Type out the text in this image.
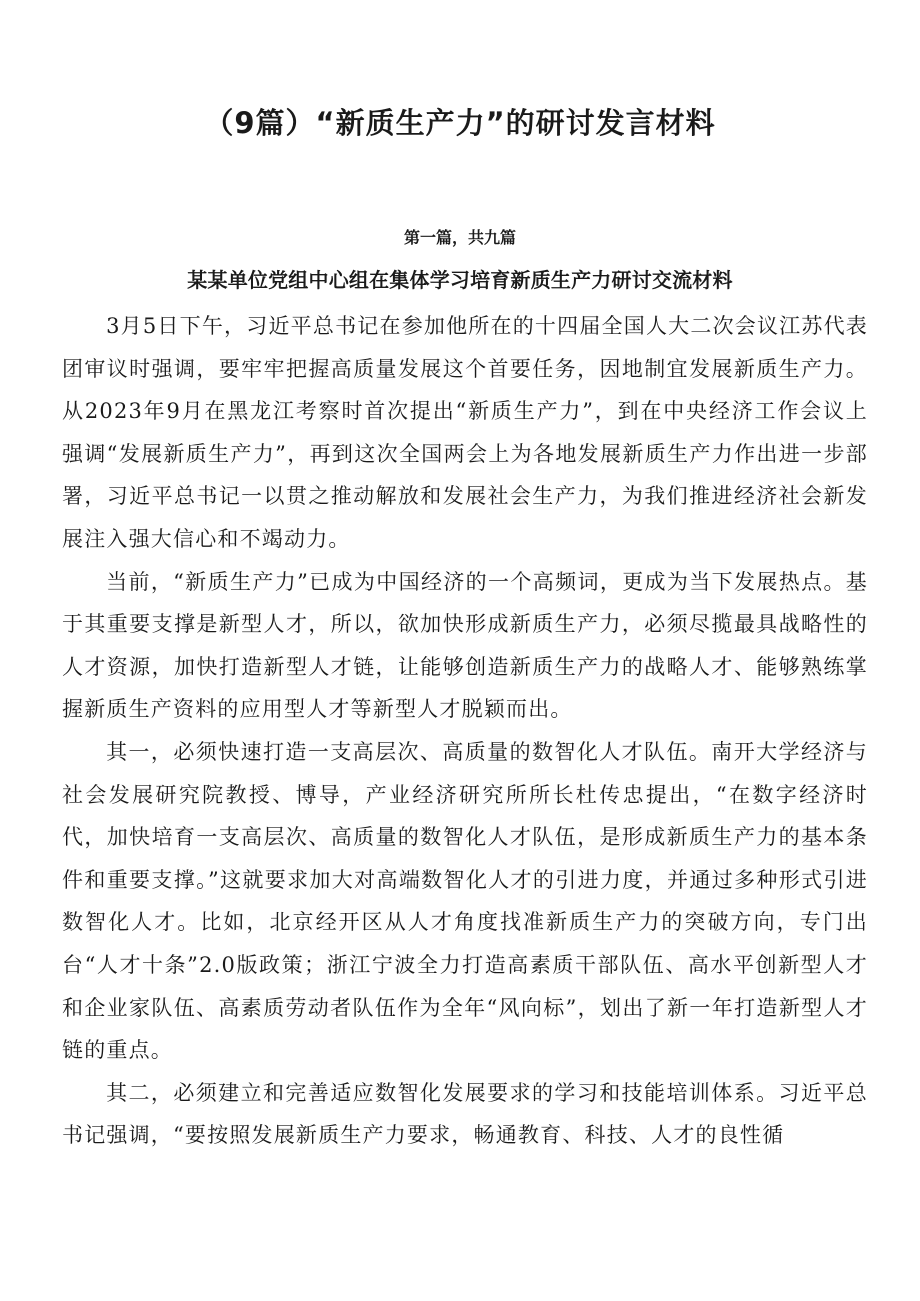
（9篇）“新质生产力”的研讨发言材料
第一篇，共九篇
某某单位党组中心组在集体学习培育新质生产力研讨交流材料

3月5日下午，习近平总书记在参加他所在的十四届全国人大二次会议江苏代表团审议时强调，要牢牢把握高质量发展这个首要任务，因地制宜发展新质生产力。从2023年9月在黑龙江考察时首次提出“新质生产力”，到在中央经济工作会议上强调“发展新质生产力”，再到这次全国两会上为各地发展新质生产力作出进一步部署，习近平总书记一以贯之推动解放和发展社会生产力，为我们推进经济社会新发展注入强大信心和不竭动力。

当前，“新质生产力”已成为中国经济的一个高频词，更成为当下发展热点。基于其重要支撑是新型人才，所以，欲加快形成新质生产力，必须尽揽最具战略性的人才资源，加快打造新型人才链，让能够创造新质生产力的战略人才、能够熟练掌握新质生产资料的应用型人才等新型人才脱颖而出。

其一，必须快速打造一支高层次、高质量的数智化人才队伍。南开大学经济与社会发展研究院教授、博导，产业经济研究所所长杜传忠提出，“在数字经济时代，加快培育一支高层次、高质量的数智化人才队伍，是形成新质生产力的基本条件和重要支撑。”这就要求加大对高端数智化人才的引进力度，并通过多种形式引进数智化人才。比如，北京经开区从人才角度找准新质生产力的突破方向，专门出台“人才十条”2.0版政策；浙江宁波全力打造高素质干部队伍、高水平创新型人才和企业家队伍、高素质劳动者队伍作为全年“风向标”，划出了新一年打造新型人才链的重点。

其二，必须建立和完善适应数智化发展要求的学习和技能培训体系。习近平总书记强调，“要按照发展新质生产力要求，畅通教育、科技、人才的良性循
